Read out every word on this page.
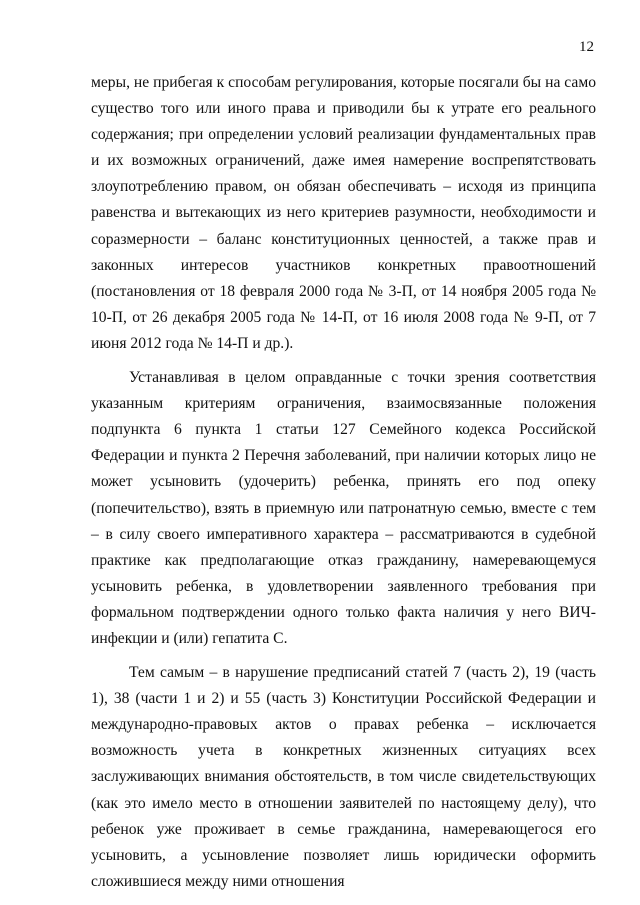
12

меры, не прибегая к способам регулирования, которые посягали бы на само существо того или иного права и приводили бы к утрате его реального содержания; при определении условий реализации фундаментальных прав и их возможных ограничений, даже имея намерение воспрепятствовать злоупотреблению правом, он обязан обеспечивать – исходя из принципа равенства и вытекающих из него критериев разумности, необходимости и соразмерности – баланс конституционных ценностей, а также прав и законных интересов участников конкретных правоотношений (постановления от 18 февраля 2000 года № 3-П, от 14 ноября 2005 года № 10-П, от 26 декабря 2005 года № 14-П, от 16 июля 2008 года № 9-П, от 7 июня 2012 года № 14-П и др.).

Устанавливая в целом оправданные с точки зрения соответствия указанным критериям ограничения, взаимосвязанные положения подпункта 6 пункта 1 статьи 127 Семейного кодекса Российской Федерации и пункта 2 Перечня заболеваний, при наличии которых лицо не может усыновить (удочерить) ребенка, принять его под опеку (попечительство), взять в приемную или патронатную семью, вместе с тем – в силу своего императивного характера – рассматриваются в судебной практике как предполагающие отказ гражданину, намеревающемуся усыновить ребенка, в удовлетворении заявленного требования при формальном подтверждении одного только факта наличия у него ВИЧ-инфекции и (или) гепатита С.

Тем самым – в нарушение предписаний статей 7 (часть 2), 19 (часть 1), 38 (части 1 и 2) и 55 (часть 3) Конституции Российской Федерации и международно-правовых актов о правах ребенка – исключается возможность учета в конкретных жизненных ситуациях всех заслуживающих внимания обстоятельств, в том числе свидетельствующих (как это имело место в отношении заявителей по настоящему делу), что ребенок уже проживает в семье гражданина, намеревающегося его усыновить, а усыновление позволяет лишь юридически оформить сложившиеся между ними отношения
